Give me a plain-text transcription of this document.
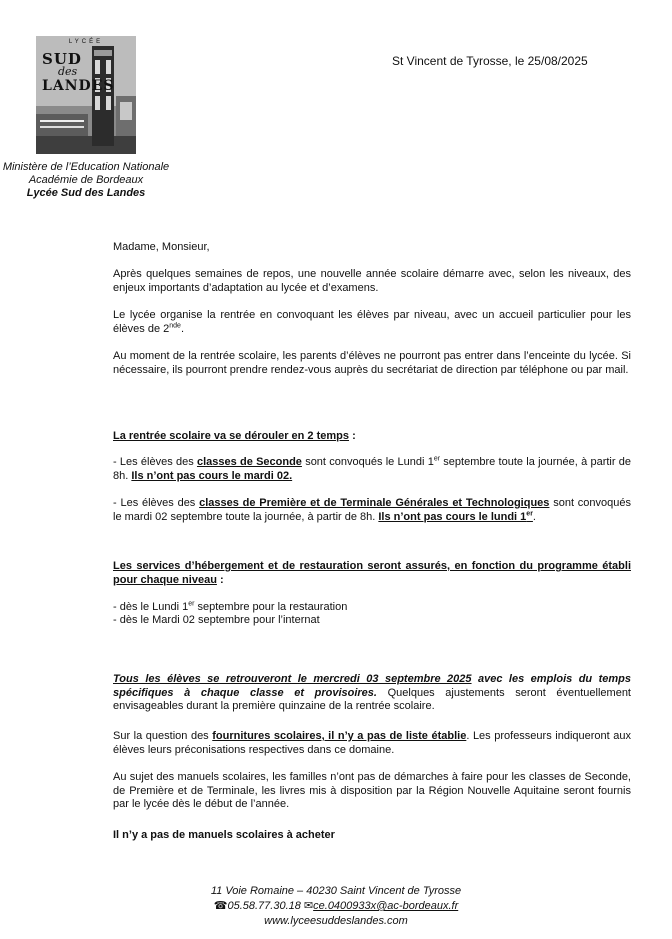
LYCÉE
SUD
des
LANDES
Ministère de l’Education Nationale
Académie de Bordeaux
Lycée Sud des Landes
St Vincent de Tyrosse, le 25/08/2025

Madame, Monsieur,

Après quelques semaines de repos, une nouvelle année scolaire démarre avec, selon les niveaux, des enjeux importants d’adaptation au lycée et d’examens.

Le lycée organise la rentrée en convoquant les élèves par niveau, avec un accueil particulier pour les élèves de 2nde.

Au moment de la rentrée scolaire, les parents d’élèves ne pourront pas entrer dans l’enceinte du lycée. Si nécessaire, ils pourront prendre rendez-vous auprès du secrétariat de direction par téléphone ou par mail.

La rentrée scolaire va se dérouler en 2 temps :

- Les élèves des classes de Seconde sont convoqués le Lundi 1er septembre toute la journée, à partir de 8h. Ils n’ont pas cours le mardi 02.

- Les élèves des classes de Première et de Terminale Générales et Technologiques sont convoqués le mardi 02 septembre toute la journée, à partir de 8h. Ils n’ont pas cours le lundi 1er.

Les services d’hébergement et de restauration seront assurés, en fonction du programme établi pour chaque niveau :

- dès le Lundi 1er septembre pour la restauration

- dès le Mardi 02 septembre pour l’internat

Tous les élèves se retrouveront le mercredi 03 septembre 2025 avec les emplois du temps spécifiques à chaque classe et provisoires. Quelques ajustements seront éventuellement envisageables durant la première quinzaine de la rentrée scolaire.

Sur la question des fournitures scolaires, il n’y a pas de liste établie. Les professeurs indiqueront aux élèves leurs préconisations respectives dans ce domaine.

Au sujet des manuels scolaires, les familles n’ont pas de démarches à faire pour les classes de Seconde, de Première et de Terminale, les livres mis à disposition par la Région Nouvelle Aquitaine seront fournis par le lycée dès le début de l’année.

Il n’y a pas de manuels scolaires à acheter

11 Voie Romaine – 40230 Saint Vincent de Tyrosse
☎05.58.77.30.18 ✉ce.0400933x@ac-bordeaux.fr
www.lyceesuddeslandes.com
